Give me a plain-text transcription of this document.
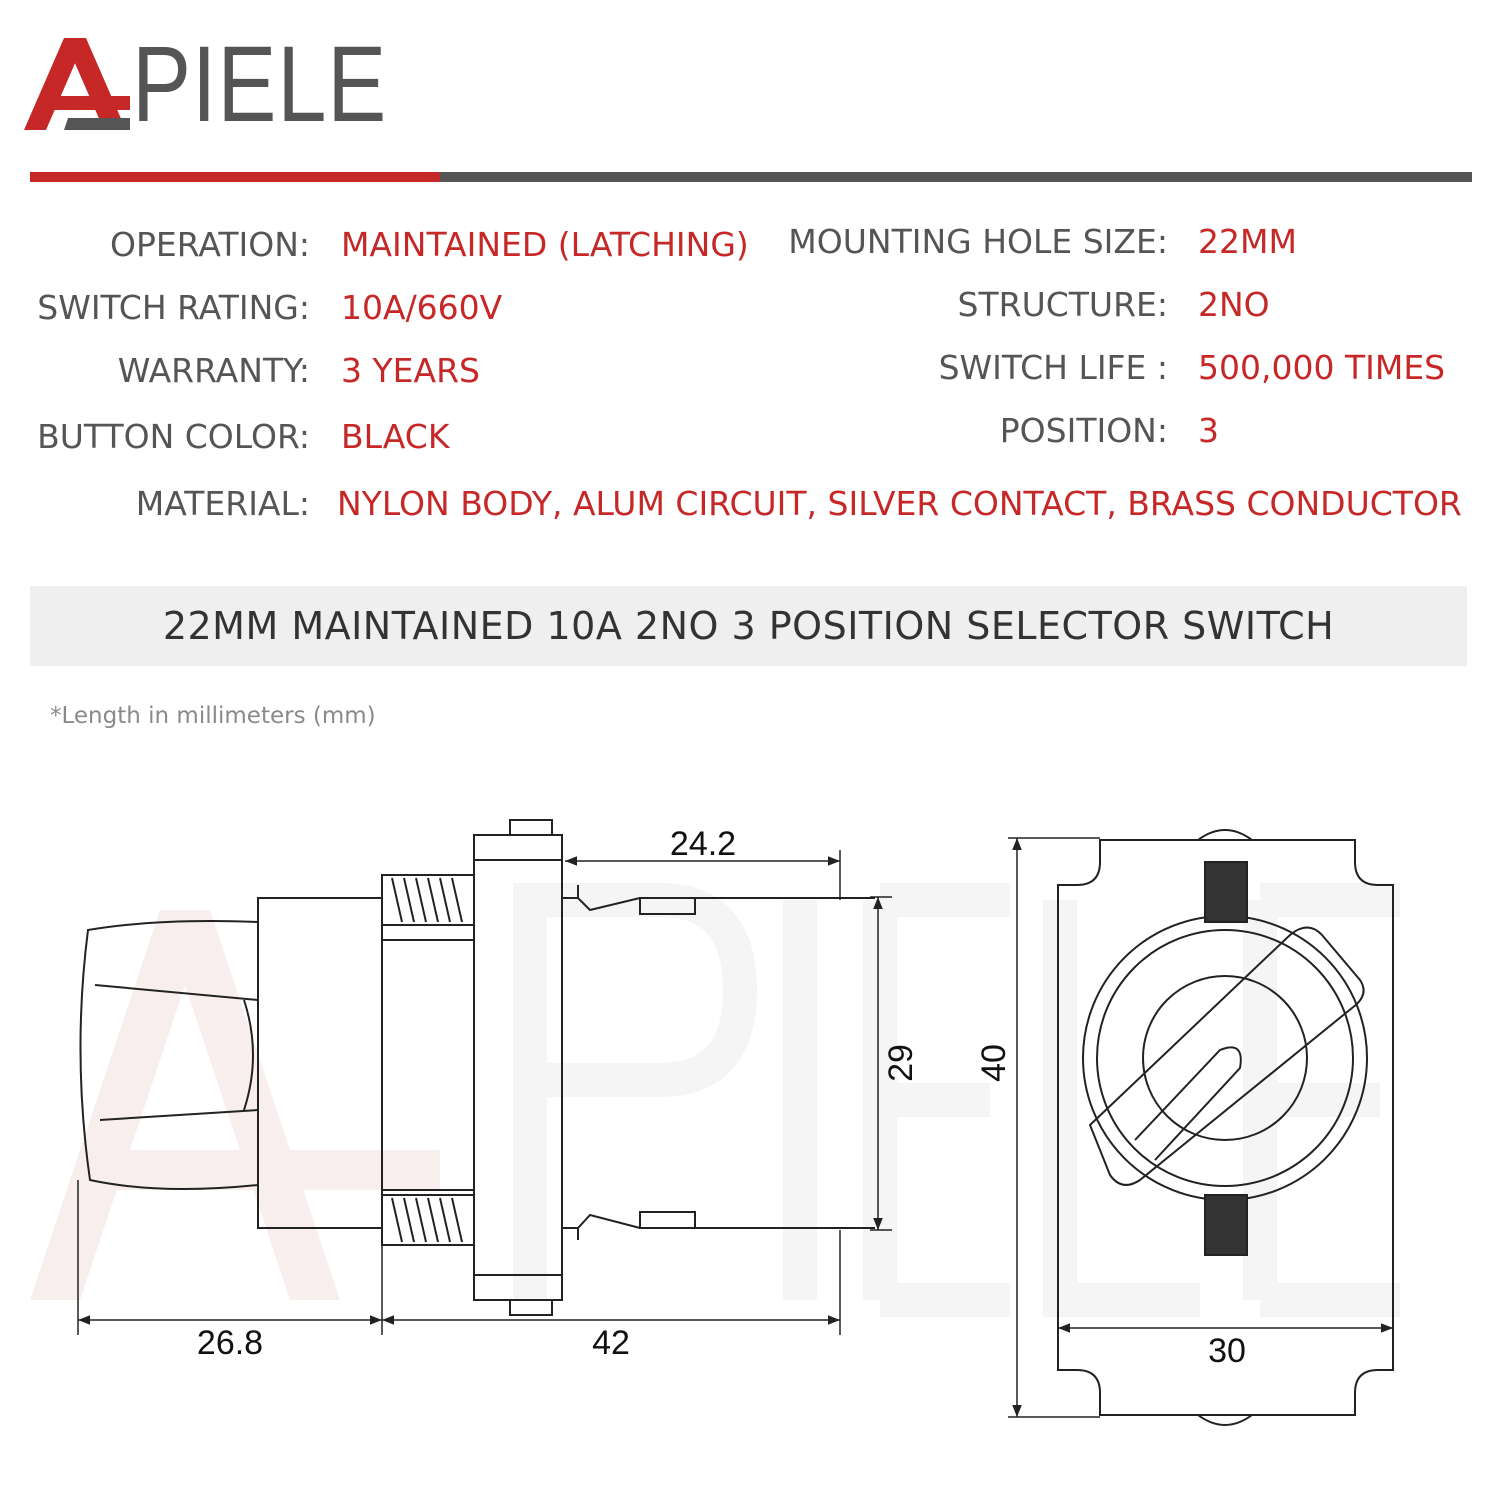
PIELE
OPERATION: MAINTAINED (LATCHING)
SWITCH RATING: 10A/660V
WARRANTY: 3 YEARS
BUTTON COLOR: BLACK
MATERIAL: NYLON BODY, ALUM CIRCUIT, SILVER CONTACT, BRASS CONDUCTOR
MOUNTING HOLE SIZE: 22MM
STRUCTURE: 2NO
SWITCH LIFE : 500,000 TIMES
POSITION: 3
22MM MAINTAINED 10A 2NO 3 POSITION SELECTOR SWITCH
*Length in millimeters (mm)
24.2
29 40
26.8	42	30
